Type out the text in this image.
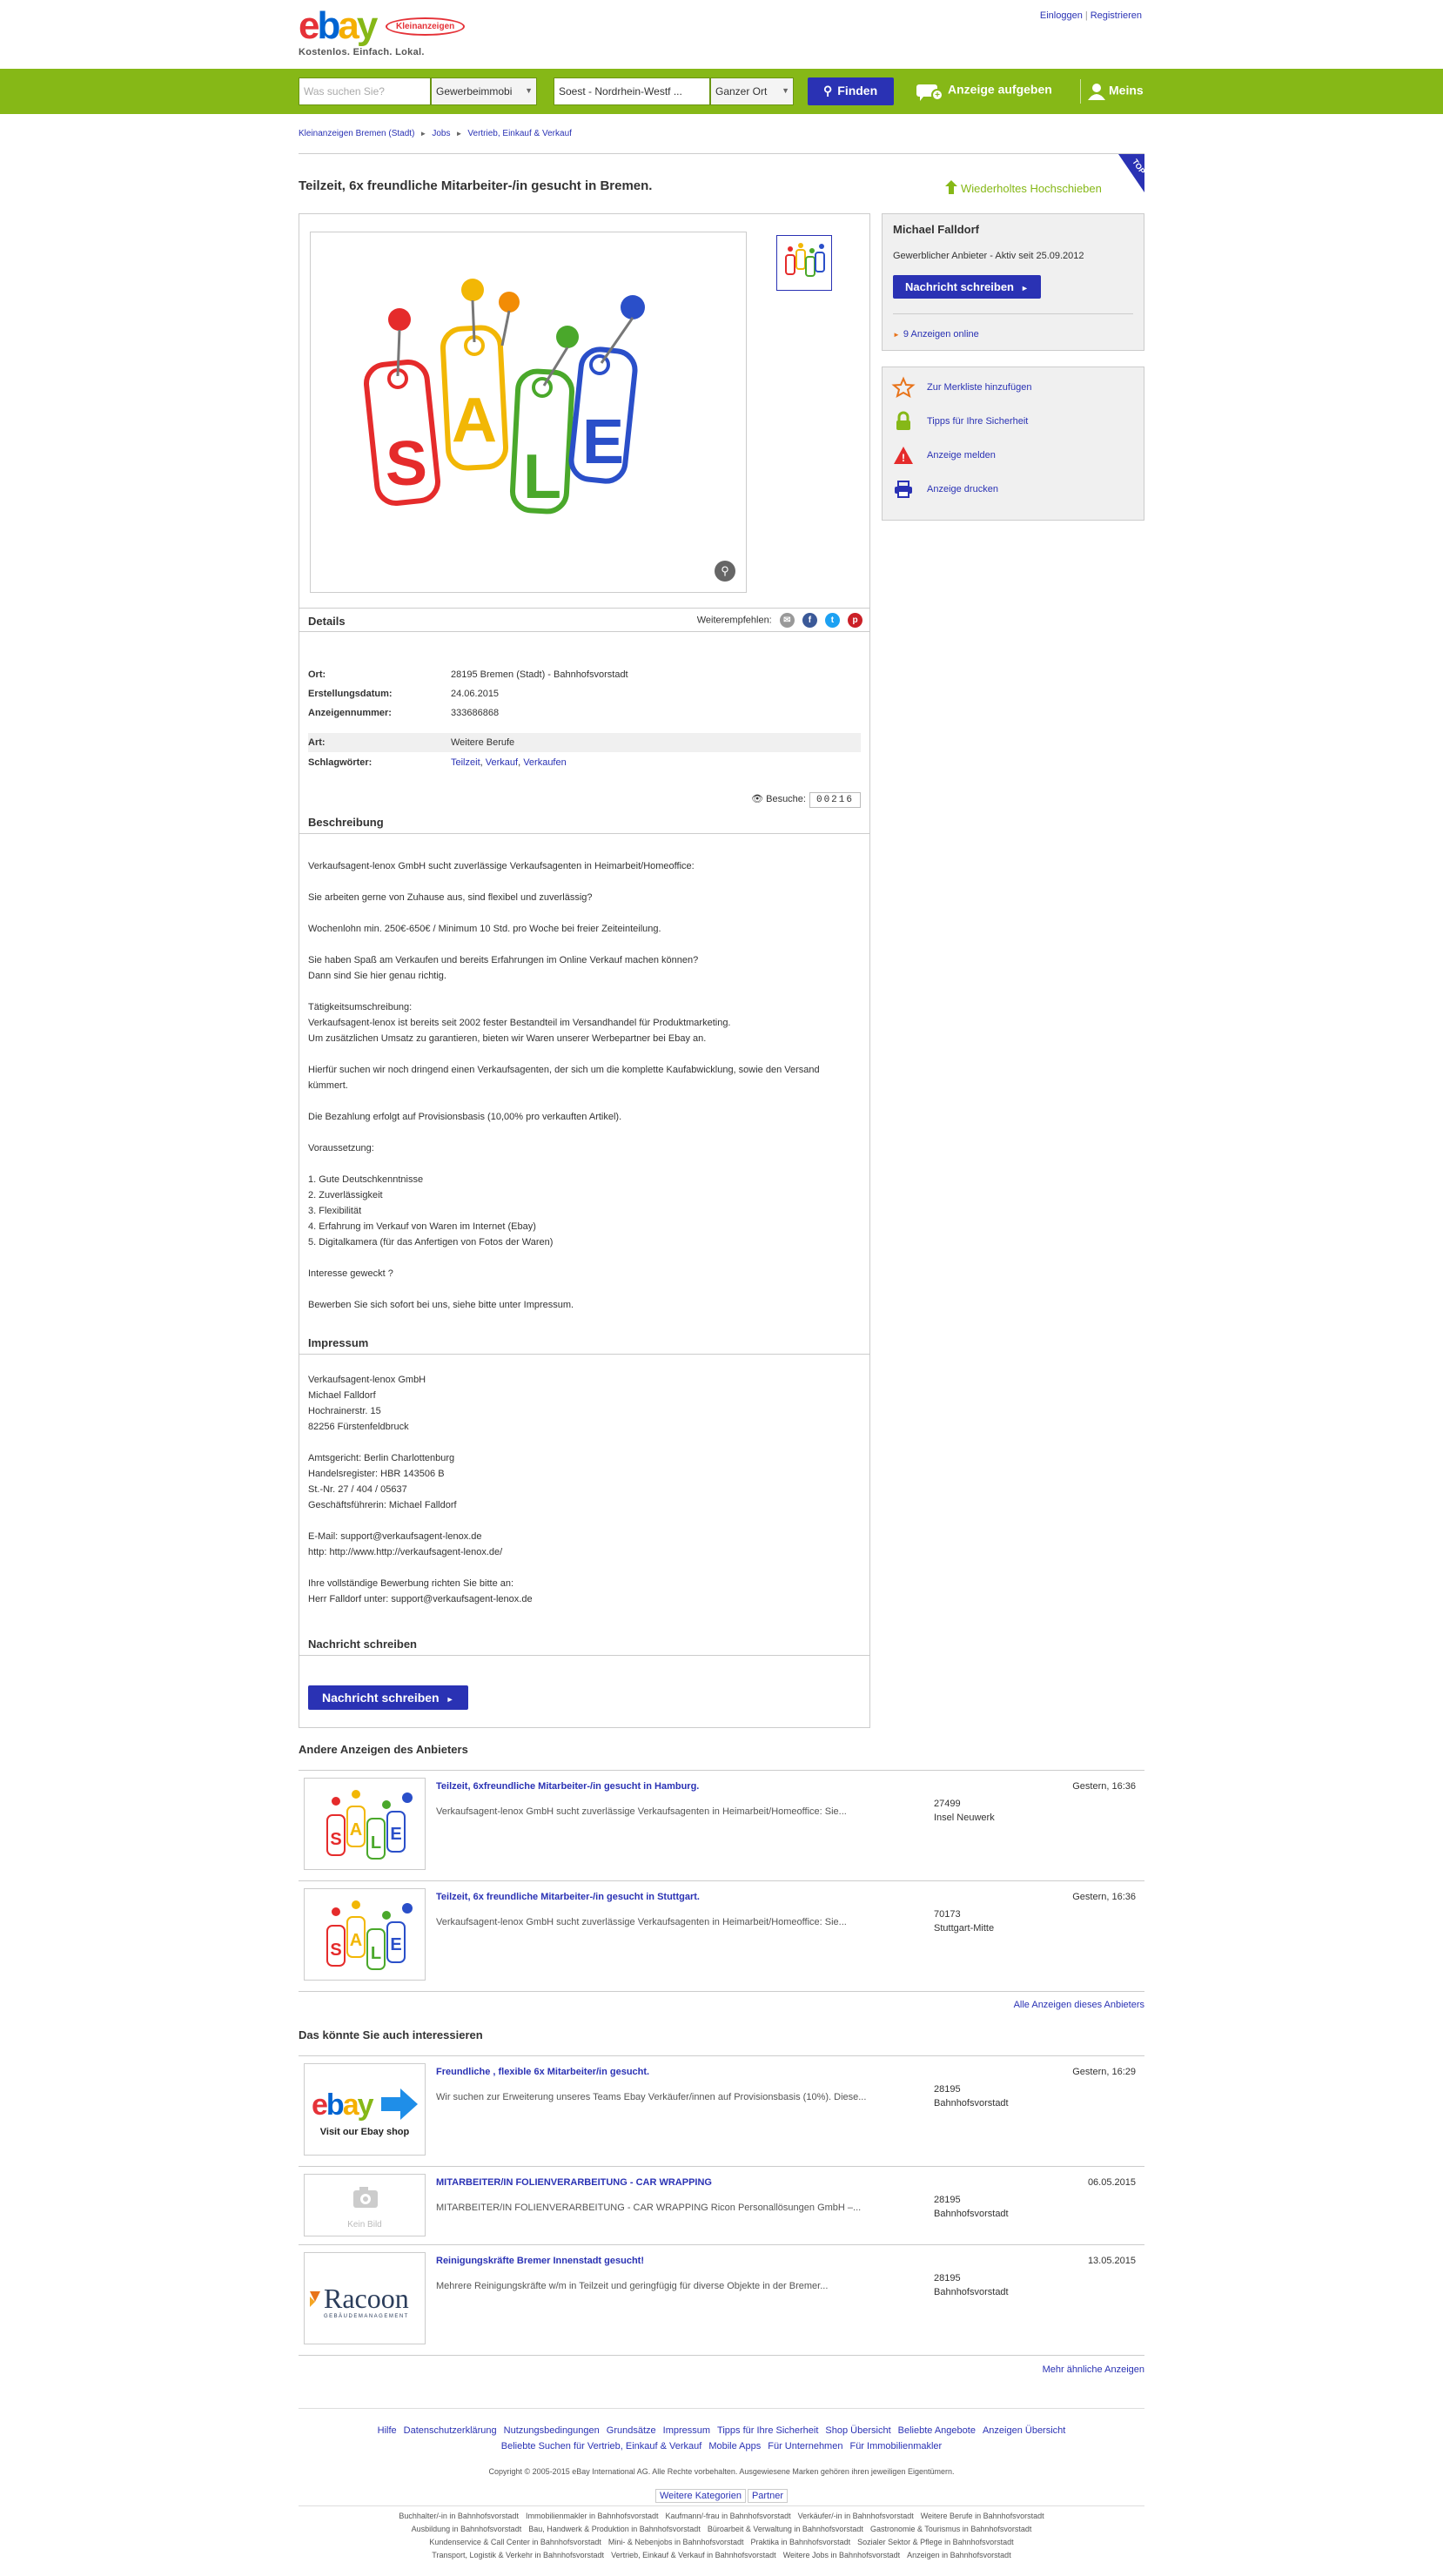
ebay	Kleinanzeigen
Kostenlos. Einfach. Lokal.
Einloggen | Registrieren
Was suchen Sie?	Gewerbeimmobi ▼	Soest - Nordrhein-Westf ...	Ganzer Ort ▼	⚲ Finden	+ Anzeige aufgeben	Meins
Kleinanzeigen Bremen (Stadt) ► Jobs ► Vertrieb, Einkauf & Verkauf
Teilzeit, 6x freundliche Mitarbeiter-/in gesucht in Bremen.	Wiederholtes Hochschieben
TOP
S
A
L E
⚲
Details	Weiterempfehlen: ✉ f t p
Ort:	28195 Bremen (Stadt) - Bahnhofsvorstadt
Erstellungsdatum:	24.06.2015
Anzeigennummer:	333686868
Art:	Weitere Berufe
Schlagwörter:	Teilzeit, Verkauf, Verkaufen
👁 Besuche: 00216
Beschreibung
Verkaufsagent-lenox GmbH sucht zuverlässige Verkaufsagenten in Heimarbeit/Homeoffice:

Sie arbeiten gerne von Zuhause aus, sind flexibel und zuverlässig?

Wochenlohn min. 250€-650€ / Minimum 10 Std. pro Woche bei freier Zeiteinteilung.

Sie haben Spaß am Verkaufen und bereits Erfahrungen im Online Verkauf machen können?
Dann sind Sie hier genau richtig.

Tätigkeitsumschreibung:
Verkaufsagent-lenox ist bereits seit 2002 fester Bestandteil im Versandhandel für Produktmarketing.
Um zusätzlichen Umsatz zu garantieren, bieten wir Waren unserer Werbepartner bei Ebay an.

Hierfür suchen wir noch dringend einen Verkaufsagenten, der sich um die komplette Kaufabwicklung, sowie den Versand kümmert.

Die Bezahlung erfolgt auf Provisionsbasis (10,00% pro verkauften Artikel).

Voraussetzung:

1. Gute Deutschkenntnisse
2. Zuverlässigkeit
3. Flexibilität
4. Erfahrung im Verkauf von Waren im Internet (Ebay)
5. Digitalkamera (für das Anfertigen von Fotos der Waren)

Interesse geweckt ?

Bewerben Sie sich sofort bei uns, siehe bitte unter Impressum.
Impressum
Verkaufsagent-lenox GmbH
Michael Falldorf
Hochrainerstr. 15
82256 Fürstenfeldbruck

Amtsgericht: Berlin Charlottenburg
Handelsregister: HBR 143506 B
St.-Nr. 27 / 404 / 05637
Geschäftsführerin: Michael Falldorf

E-Mail: support@verkaufsagent-lenox.de
http: http://www.http://verkaufsagent-lenox.de/

Ihre vollständige Bewerbung richten Sie bitte an:
Herr Falldorf unter: support@verkaufsagent-lenox.de
Nachricht schreiben
Nachricht schreiben ►
Michael Falldorf
Gewerblicher Anbieter - Aktiv seit 25.09.2012
Nachricht schreiben ►
► 9 Anzeigen online
Zur Merkliste hinzufügen
Tipps für Ihre Sicherheit
! Anzeige melden
Anzeige drucken
Andere Anzeigen des Anbieters
S A
L E
Teilzeit, 6xfreundliche Mitarbeiter-/in gesucht in Hamburg.
Verkaufsagent-lenox GmbH sucht zuverlässige Verkaufsagenten in Heimarbeit/Homeoffice: Sie...
27499
Insel Neuwerk
Gestern, 16:36
S A
L E
Teilzeit, 6x freundliche Mitarbeiter-/in gesucht in Stuttgart.
Verkaufsagent-lenox GmbH sucht zuverlässige Verkaufsagenten in Heimarbeit/Homeoffice: Sie...
70173
Stuttgart-Mitte
Gestern, 16:36
Alle Anzeigen dieses Anbieters
Das könnte Sie auch interessieren
ebay
Visit our Ebay shop
Freundliche , flexible 6x Mitarbeiter/in gesucht.
Wir suchen zur Erweiterung unseres Teams Ebay Verkäufer/innen auf Provisionsbasis (10%). Diese...
28195
Bahnhofsvorstadt
Gestern, 16:29
Kein Bild
MITARBEITER/IN FOLIENVERARBEITUNG - CAR WRAPPING
MITARBEITER/IN FOLIENVERARBEITUNG - CAR WRAPPING Ricon Personallösungen GmbH –...
28195
Bahnhofsvorstadt
06.05.2015
Racoon
GEBÄUDEMANAGEMENT
Reinigungskräfte Bremer Innenstadt gesucht!
Mehrere Reinigungskräfte w/m in Teilzeit und geringfügig für diverse Objekte in der Bremer...
28195
Bahnhofsvorstadt
13.05.2015
Mehr ähnliche Anzeigen
Hilfe Datenschutzerklärung Nutzungsbedingungen Grundsätze Impressum Tipps für Ihre Sicherheit Shop Übersicht Beliebte Angebote Anzeigen Übersicht
Beliebte Suchen für Vertrieb, Einkauf & Verkauf Mobile Apps Für Unternehmen Für Immobilienmakler
Copyright © 2005-2015 eBay International AG. Alle Rechte vorbehalten. Ausgewiesene Marken gehören ihren jeweiligen Eigentümern.
Weitere Kategorien Partner
Buchhalter/-in in Bahnhofsvorstadt Immobilienmakler in Bahnhofsvorstadt Kaufmann/-frau in Bahnhofsvorstadt Verkäufer/-in in Bahnhofsvorstadt Weitere Berufe in Bahnhofsvorstadt
Ausbildung in Bahnhofsvorstadt Bau, Handwerk & Produktion in Bahnhofsvorstadt Büroarbeit & Verwaltung in Bahnhofsvorstadt Gastronomie & Tourismus in Bahnhofsvorstadt
Kundenservice & Call Center in Bahnhofsvorstadt Mini- & Nebenjobs in Bahnhofsvorstadt Praktika in Bahnhofsvorstadt Sozialer Sektor & Pflege in Bahnhofsvorstadt
Transport, Logistik & Verkehr in Bahnhofsvorstadt Vertrieb, Einkauf & Verkauf in Bahnhofsvorstadt Weitere Jobs in Bahnhofsvorstadt Anzeigen in Bahnhofsvorstadt
